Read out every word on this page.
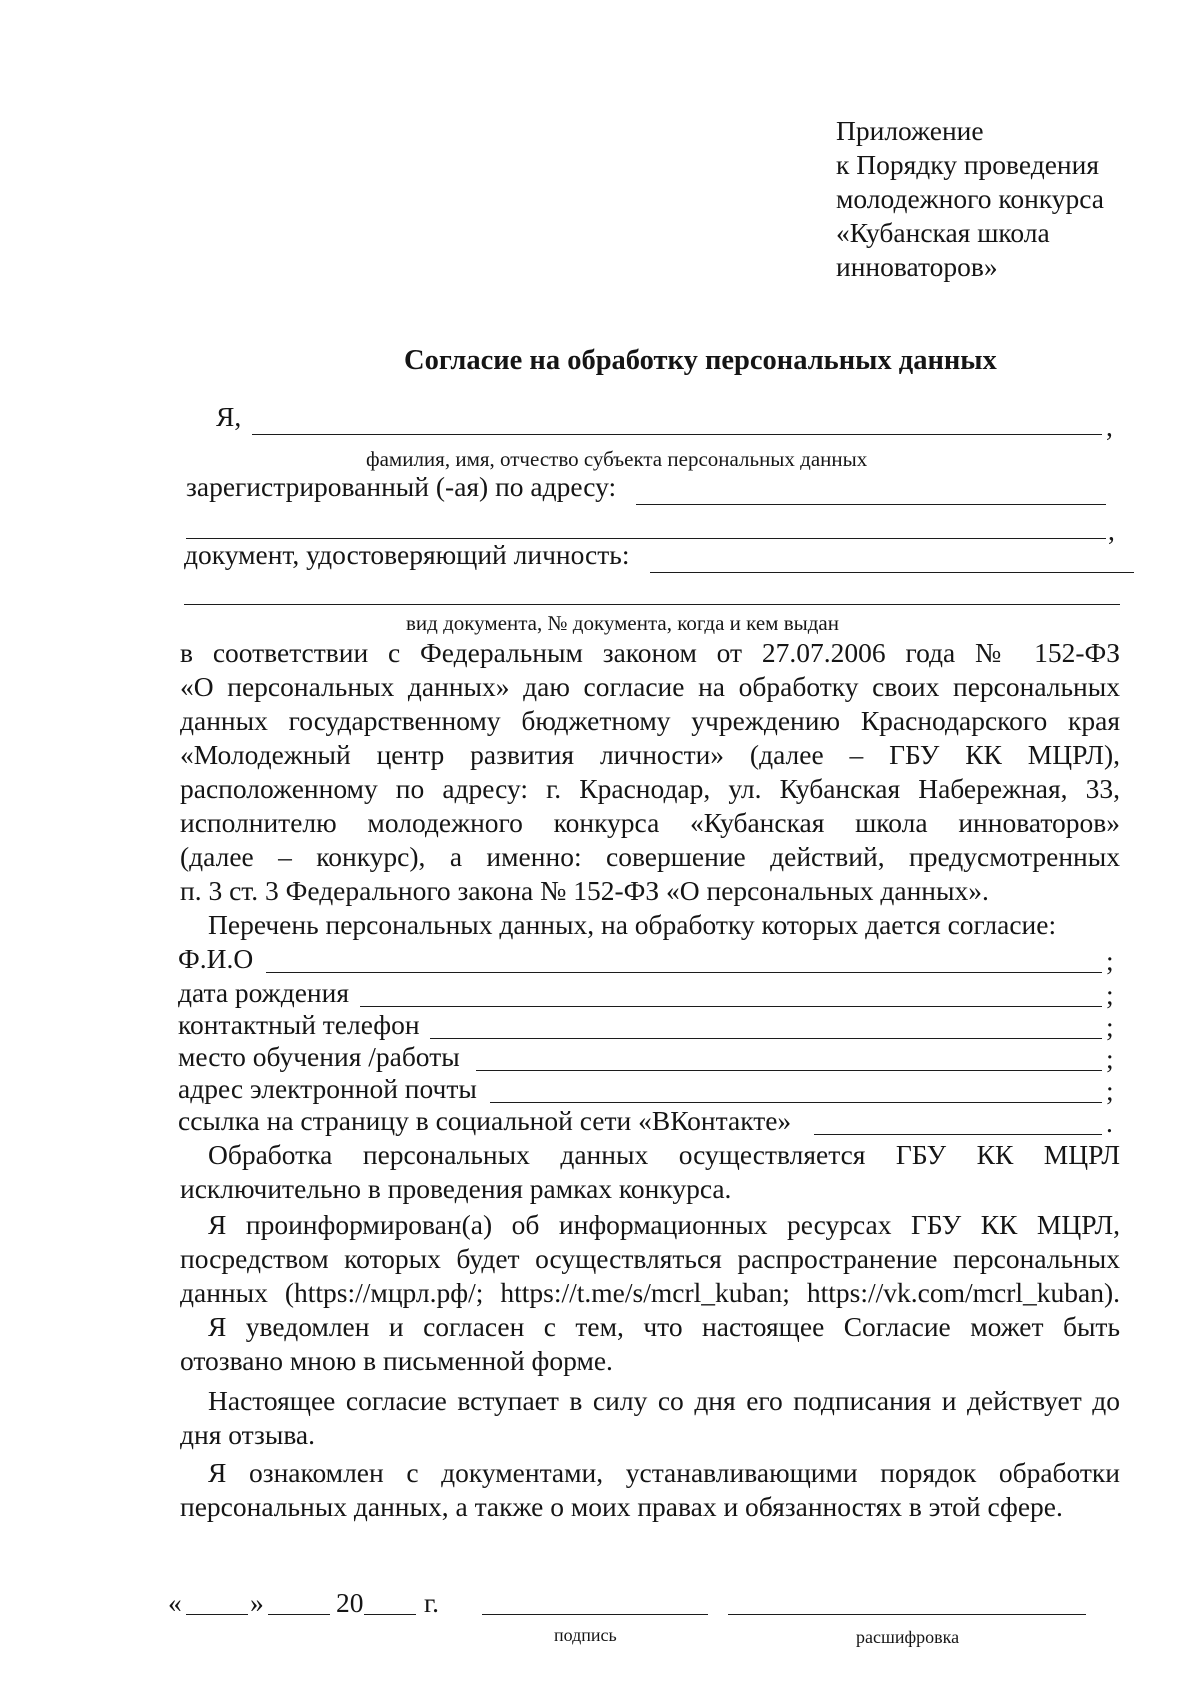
Приложение
к Порядку проведения
молодежного конкурса
«Кубанская школа
инноваторов»
Согласие на обработку персональных данных
Я,	,
фамилия, имя, отчество субъекта персональных данных
зарегистрированный (-ая) по адресу:
,
документ, удостоверяющий личность:
вид документа, № документа, когда и кем выдан
в соответствии с Федеральным законом от 27.07.2006 года № 152-ФЗ
«О персональных данных» даю согласие на обработку своих персональных
данных государственному бюджетному учреждению Краснодарского края
«Молодежный центр развития личности» (далее – ГБУ КК МЦРЛ),
расположенному по адресу: г. Краснодар, ул. Кубанская Набережная, 33,
исполнителю молодежного конкурса «Кубанская школа инноваторов»
(далее – конкурс), а именно: совершение действий, предусмотренных
п. 3 ст. 3 Федерального закона № 152-ФЗ «О персональных данных».
Перечень персональных данных, на обработку которых дается согласие:
Ф.И.О	;
дата рождения	;
контактный телефон	;
место обучения /работы	;
адрес электронной почты	;
ссылка на страницу в социальной сети «ВКонтакте»	.
Обработка персональных данных осуществляется ГБУ КК МЦРЛ
исключительно в проведения рамках конкурса.
Я проинформирован(а) об информационных ресурсах ГБУ КК МЦРЛ,
посредством которых будет осуществляться распространение персональных
данных (https://мцрл.рф/; https://t.me/s/mcrl_kuban; https://vk.com/mcrl_kuban).
Я уведомлен и согласен с тем, что настоящее Согласие может быть
отозвано мною в письменной форме.
Настоящее согласие вступает в силу со дня его подписания и действует до
дня отзыва.
Я ознакомлен с документами, устанавливающими порядок обработки
персональных данных, а также о моих правах и обязанностях в этой сфере.
« »	20 г.
подпись	расшифровка
